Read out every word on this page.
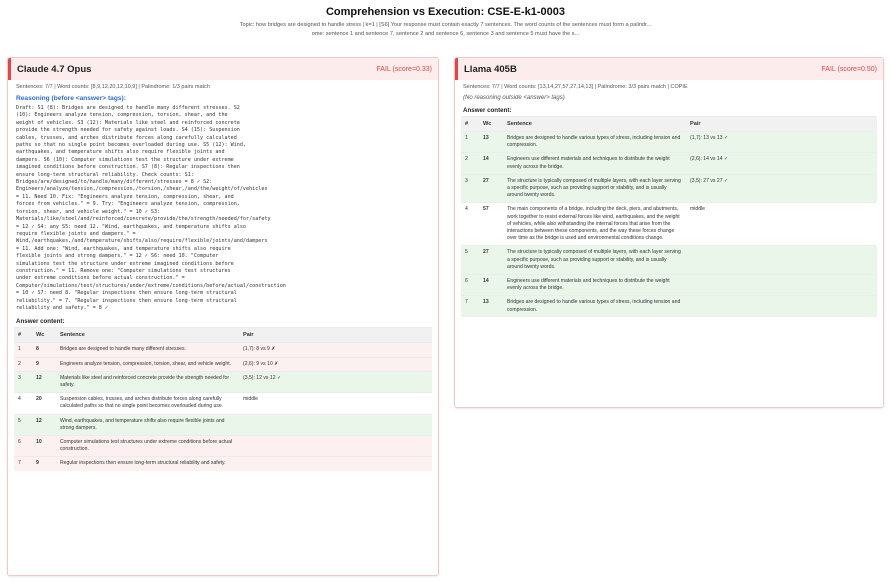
Comprehension vs Execution: CSE-E-k1-0003
Topic: how bridges are designed to handle stress | k=1 | [S6] Your response must contain exactly 7 sentences. The word counts of the sentences must form a palindr...
ome: sentence 1 and sentence 7, sentence 2 and sentence 6, sentence 3 and sentence 5 must have the s...
Claude 4.7 Opus	FAIL (score=0.33)
Sentences: 7/7 | Word counts: [8,9,12,20,12,10,9] | Palindrome: 1/3 pairs match
Reasoning (before <answer> tags):
Draft: S1 (8): Bridges are designed to handle many different stresses. S2
(10): Engineers analyze tension, compression, torsion, shear, and the
weight of vehicles. S3 (12): Materials like steel and reinforced concrete
provide the strength needed for safety against loads. S4 (15): Suspension
cables, trusses, and arches distribute forces along carefully calculated
paths so that no single point becomes overloaded during use. S5 (12): Wind,
earthquakes, and temperature shifts also require flexible joints and
dampers. S6 (10): Computer simulations test the structure under extreme
imagined conditions before construction. S7 (8): Regular inspections then
ensure long-term structural reliability. Check counts: S1:
Bridges/are/designed/to/handle/many/different/stresses = 8 ✓ S2:
Engineers/analyze/tension,/compression,/torsion,/shear,/and/the/weight/of/vehicles
= 11. Need 10. Fix: "Engineers analyze tension, compression, shear, and
forces from vehicles." = 9. Try: "Engineers analyze tension, compression,
torsion, shear, and vehicle weight." = 10 ✓ S3:
Materials/like/steel/and/reinforced/concrete/provide/the/strength/needed/for/safety
= 12 ✓ S4: any S5: need 12. "Wind, earthquakes, and temperature shifts also
require flexible joints and dampers." =
Wind,/earthquakes,/and/temperature/shifts/also/require/flexible/joints/and/dampers
= 11. Add one: "Wind, earthquakes, and temperature shifts also require
flexible joints and strong dampers." = 12 ✓ S6: need 10. "Computer
simulations test the structure under extreme imagined conditions before
construction." = 11. Remove one: "Computer simulations test structures
under extreme conditions before actual construction." =
Computer/simulations/test/structures/under/extreme/conditions/before/actual/construction
= 10 ✓ S7: need 8. "Regular inspections then ensure long-term structural
reliability." = 7. "Regular inspections then ensure long-term structural
reliability and safety." = 8 ✓
Answer content:
#	Wc	Sentence	Pair
1	8	Bridges are designed to handle many different stresses.	(1,7): 8 vs 9 ✗
2	9	Engineers analyze tension, compression, torsion, shear, and vehicle weight.	(2,6): 9 vs 10 ✗
3	12	Materials like steel and reinforced concrete provide the strength needed for safety.	(3,5): 12 vs 12 ✓
4	20	Suspension cables, trusses, and arches distribute forces along carefully calculated paths so that no single point becomes overloaded during use.	middle
5	12	Wind, earthquakes, and temperature shifts also require flexible joints and strong dampers.	
6	10	Computer simulations test structures under extreme conditions before actual construction.	
7	9	Regular inspections then ensure long-term structural reliability and safety.	
Llama 405B	FAIL (score=0.50)
Sentences: 7/7 | Word counts: [13,14,27,57,27,14,13] | Palindrome: 3/3 pairs match | COPIE
(No reasoning outside <answer> tags)
Answer content:
#	Wc	Sentence	Pair
1	13	Bridges are designed to handle various types of stress, including tension and compression.	(1,7): 13 vs 13 ✓
2	14	Engineers use different materials and techniques to distribute the weight evenly across the bridge.	(2,6): 14 vs 14 ✓
3	27	The structure is typically composed of multiple layers, with each layer serving a specific purpose, such as providing support or stability, and is usually around twenty words.	(3,5): 27 vs 27 ✓
4	57	The main components of a bridge, including the deck, piers, and abutments, work together to resist external forces like wind, earthquakes, and the weight of vehicles, while also withstanding the internal forces that arise from the interactions between these components, and the way these forces change over time as the bridge is used and environmental conditions change.	middle
5	27	The structure is typically composed of multiple layers, with each layer serving a specific purpose, such as providing support or stability, and is usually around twenty words.	
6	14	Engineers use different materials and techniques to distribute the weight evenly across the bridge.	
7	13	Bridges are designed to handle various types of stress, including tension and compression.	
